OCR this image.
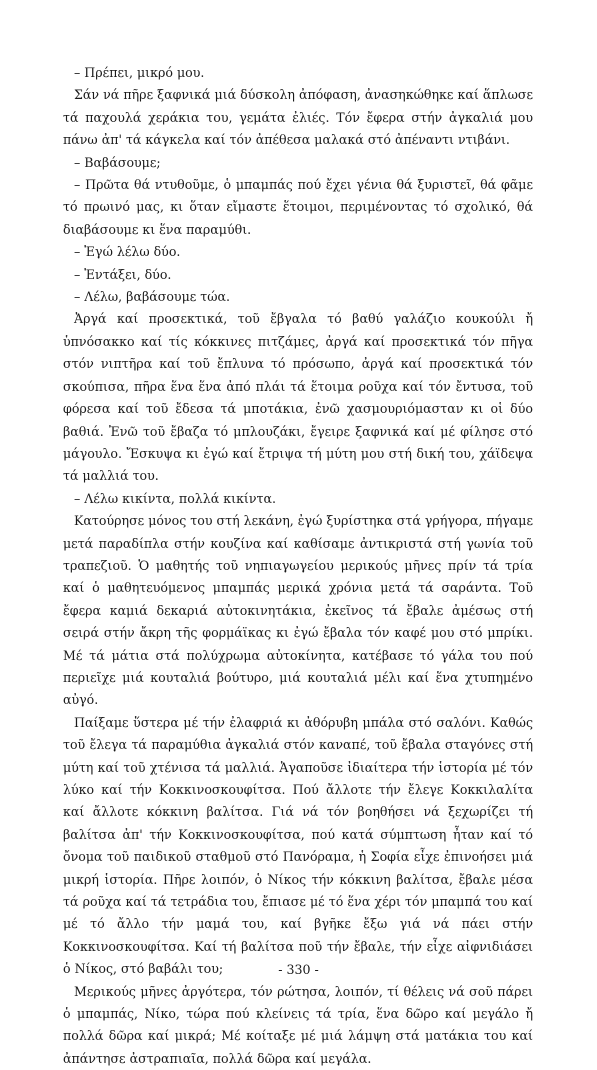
– Πρέπει, μικρό μου.

Σάν νά πῆρε ξαφνικά μιά δύσκολη ἀπόφαση, ἀνασηκώθηκε καί ἅπλωσε τά παχουλά χεράκια του, γεμάτα ἐλιές. Τόν ἔφερα στήν ἀγκαλιά μου πάνω ἀπ' τά κάγκελα καί τόν ἀπέθεσα μαλακά στό ἀπέναντι ντιβάνι.

– Βαβάσουμε;

– Πρῶτα θά ντυθοῦμε, ὁ μπαμπάς πού ἔχει γένια θά ξυριστεῖ, θά φᾶμε τό πρωινό μας, κι ὅταν εἴμαστε ἕτοιμοι, περιμένοντας τό σχολικό, θά διαβάσουμε κι ἕνα παραμύθι.

– Ἐγώ λέλω δύο.

– Ἐντάξει, δύο.

– Λέλω, βαβάσουμε τώα.

Ἀργά καί προσεκτικά, τοῦ ἔβγαλα τό βαθύ γαλάζιο κουκούλι ἤ ὑπνόσακκο καί τίς κόκκινες πιτζάμες, ἀργά καί προσεκτικά τόν πῆγα στόν νιπτῆρα καί τοῦ ἔπλυνα τό πρόσωπο, ἀργά καί προσεκτικά τόν σκούπισα, πῆρα ἕνα ἕνα ἀπό πλάι τά ἕτοιμα ροῦχα καί τόν ἔντυσα, τοῦ φόρεσα καί τοῦ ἔδεσα τά μποτάκια, ἐνῶ χασμουριόμασταν κι οἱ δύο βαθιά. Ἐνῶ τοῦ ἔβαζα τό μπλουζάκι, ἔγειρε ξαφνικά καί μέ φίλησε στό μάγουλο. Ἔσκυψα κι ἐγώ καί ἔτριψα τή μύτη μου στή δική του, χάϊδεψα τά μαλλιά του.

– Λέλω κικίντα, πολλά κικίντα.

Κατούρησε μόνος του στή λεκάνη, ἐγώ ξυρίστηκα στά γρήγορα, πήγαμε μετά παραδίπλα στήν κουζίνα καί καθίσαμε ἀντικριστά στή γωνία τοῦ τραπεζιοῦ. Ὁ μαθητής τοῦ νηπιαγωγείου μερικούς μῆνες πρίν τά τρία καί ὁ μαθητευόμενος μπαμπάς μερικά χρόνια μετά τά σαράντα. Τοῦ ἔφερα καμιά δεκαριά αὐτοκινητάκια, ἐκεῖνος τά ἔβαλε ἀμέσως στή σειρά στήν ἄκρη τῆς φορμάϊκας κι ἐγώ ἔβαλα τόν καφέ μου στό μπρίκι. Μέ τά μάτια στά πολύχρωμα αὐτοκίνητα, κατέβασε τό γάλα του πού περιεῖχε μιά κουταλιά βούτυρο, μιά κουταλιά μέλι καί ἕνα χτυπημένο αὐγό.

Παίξαμε ὕστερα μέ τήν ἐλαφριά κι ἀθόρυβη μπάλα στό σαλόνι. Καθώς τοῦ ἔλεγα τά παραμύθια ἀγκαλιά στόν καναπέ, τοῦ ἔβαλα σταγόνες στή μύτη καί τοῦ χτένισα τά μαλλιά. Ἀγαποῦσε ἰδιαίτερα τήν ἱστορία μέ τόν λύκο καί τήν Κοκκινοσκουφίτσα. Πού ἄλλοτε τήν ἔλεγε Κοκκιλαλίτα καί ἄλλοτε κόκκινη βαλίτσα. Γιά νά τόν βοηθήσει νά ξεχωρίζει τή βαλίτσα ἀπ' τήν Κοκκινοσκουφίτσα, πού κατά σύμπτωση ἦταν καί τό ὄνομα τοῦ παιδικοῦ σταθμοῦ στό Πανόραμα, ἡ Σοφία εἶχε ἐπινοήσει μιά μικρή ἱστορία. Πῆρε λοιπόν, ὁ Νίκος τήν κόκκινη βαλίτσα, ἔβαλε μέσα τά ροῦχα καί τά τετράδια του, ἔπιασε μέ τό ἕνα χέρι τόν μπαμπά του καί μέ τό ἄλλο τήν μαμά του, καί βγῆκε ἔξω γιά νά πάει στήν Κοκκινοσκουφίτσα. Καί τή βαλίτσα ποῦ τήν ἔβαλε, τήν εἶχε αἰφνιδιάσει ὁ Νίκος, στό βαβάλι του;

Μερικούς μῆνες ἀργότερα, τόν ρώτησα, λοιπόν, τί θέλεις νά σοῦ πάρει ὁ μπαμπάς, Νίκο, τώρα πού κλείνεις τά τρία, ἕνα δῶρο καί μεγάλο ἤ πολλά δῶρα καί μικρά; Μέ κοίταξε μέ μιά λάμψη στά ματάκια του καί ἀπάντησε ἀστραπιαῖα, πολλά δῶρα καί μεγάλα.

- 330 -
